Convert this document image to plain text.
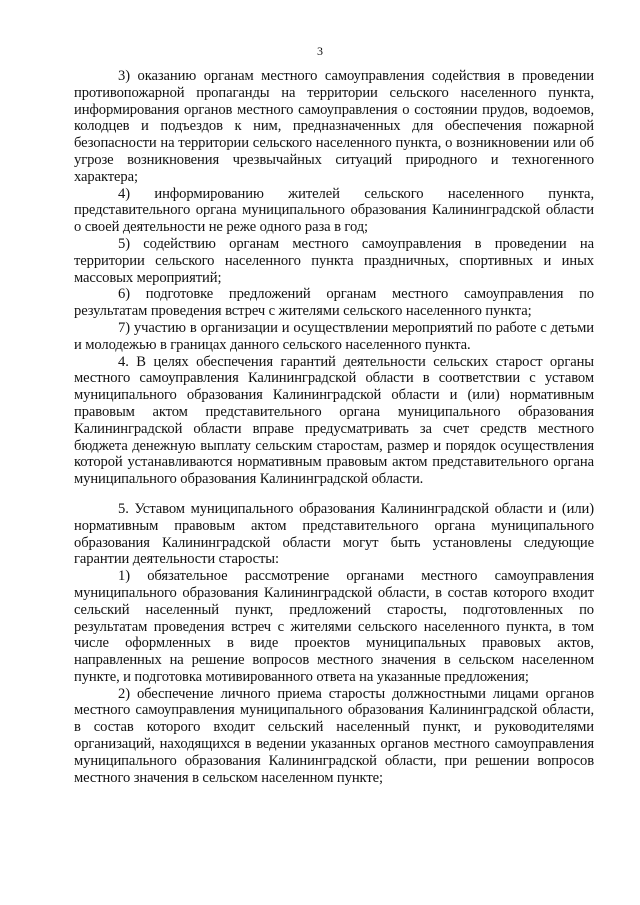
3

3) оказанию органам местного самоуправления содействия в проведении противопожарной пропаганды на территории сельского населенного пункта, информирования органов местного самоуправления о состоянии прудов, водоемов, колодцев и подъездов к ним, предназначенных для обеспечения пожарной безопасности на территории сельского населенного пункта, о возникновении или об угрозе возникновения чрезвычайных ситуаций природного и техногенного характера;

4) информированию жителей сельского населенного пункта, представительного органа муниципального образования Калининградской области о своей деятельности не реже одного раза в год;

5) содействию органам местного самоуправления в проведении на территории сельского населенного пункта праздничных, спортивных и иных массовых мероприятий;

6) подготовке предложений органам местного самоуправления по результатам проведения встреч с жителями сельского населенного пункта;

7) участию в организации и осуществлении мероприятий по работе с детьми и молодежью в границах данного сельского населенного пункта.

4. В целях обеспечения гарантий деятельности сельских старост органы местного самоуправления Калининградской области в соответствии с уставом муниципального образования Калининградской области и (или) нормативным правовым актом представительного органа муниципального образования Калининградской области вправе предусматривать за счет средств местного бюджета денежную выплату сельским старостам, размер и порядок осуществления которой устанавливаются нормативным правовым актом представительного органа муниципального образования Калининградской области.

5. Уставом муниципального образования Калининградской области и (или) нормативным правовым актом представительного органа муниципального образования Калининградской области могут быть установлены следующие гарантии деятельности старосты:

1) обязательное рассмотрение органами местного самоуправления муниципального образования Калининградской области, в состав которого входит сельский населенный пункт, предложений старосты, подготовленных по результатам проведения встреч с жителями сельского населенного пункта, в том числе оформленных в виде проектов муниципальных правовых актов, направленных на решение вопросов местного значения в сельском населенном пункте, и подготовка мотивированного ответа на указанные предложения;

2) обеспечение личного приема старосты должностными лицами органов местного самоуправления муниципального образования Калининградской области, в состав которого входит сельский населенный пункт, и руководителями организаций, находящихся в ведении указанных органов местного самоуправления муниципального образования Калининградской области, при решении вопросов местного значения в сельском населенном пункте;
